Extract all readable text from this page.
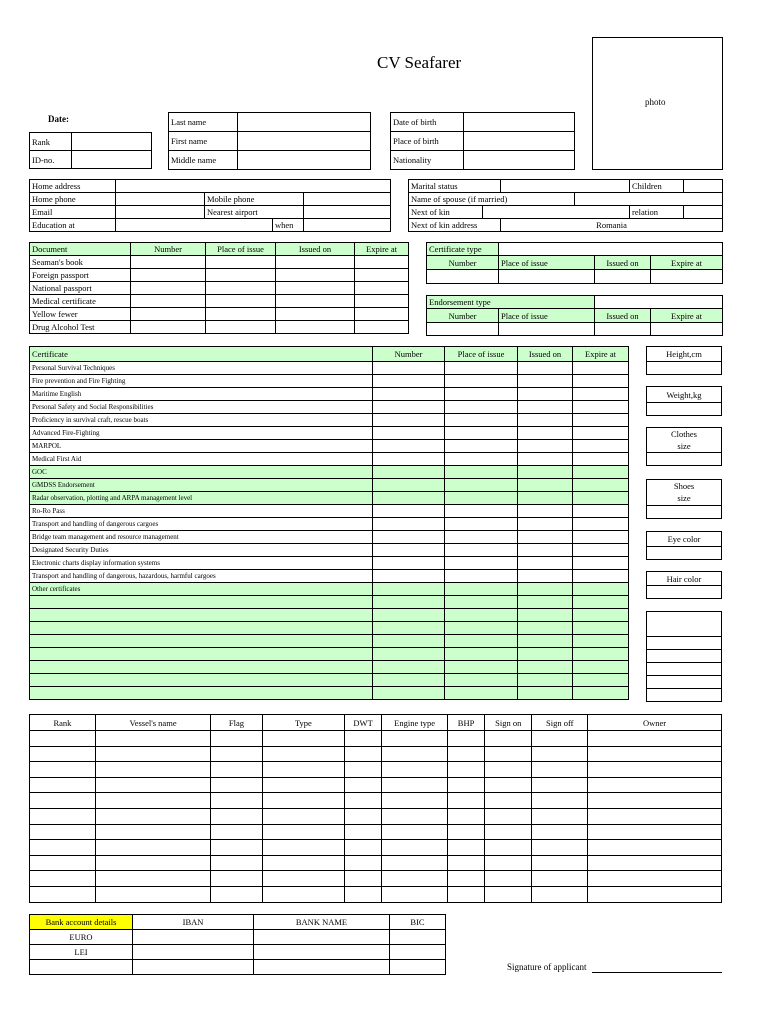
CV Seafarer
photo
Date:
Rank	
ID-no.	
Last name	
First name	
Middle name	
Date of birth	
Place of birth	
Nationality	
Home address				
Home phone		Mobile phone		
Email		Nearest airport		
Education at			when	
Marital status				Children	
Name of spouse (if married)					
Next of kin				relation	
Next of kin address		Romania			
Document	Number	Place of issue	Issued on	Expire at
Seaman's book				
Foreign passport				
National passport				
Medical certificate				
Yellow fewer				
Drug Alcohol Test				
Certificate type			
Number	Place of issue	Issued on	Expire at

Endorsement type			
Number	Place of issue	Issued on	Expire at

Certificate	Number	Place of issue	Issued on	Expire at
Personal Survival Techniques				
Fire prevention and Fire Fighting				
Maritime English				
Personal Safety and Social Responsibilities				
Proficiency in survival craft, rescue boats				
Advanced Fire-Fighting				
MARPOL				
Medical First Aid				
GOC				
GMDSS Endorsement				
Radar observation, plotting and ARPA management level				
Ro-Ro Pass				
Transport and handling of dangerous cargoes				
Bridge team management and resource management				
Designated Security Duties				
Electronic charts display information systems				
Transport and handling of dangerous, hazardous, harmful cargoes				
Other certificates				

Height,cm

Weight,kg

Clothes
size

Shoes
size

Eye color

Hair color

Rank	Vessel's name	Flag	Type	DWT	Engine type	BHP	Sign on	Sign off	Owner

Bank account details	IBAN	BANK NAME	BIC
EURO			
LEI			

Signature of applicant
